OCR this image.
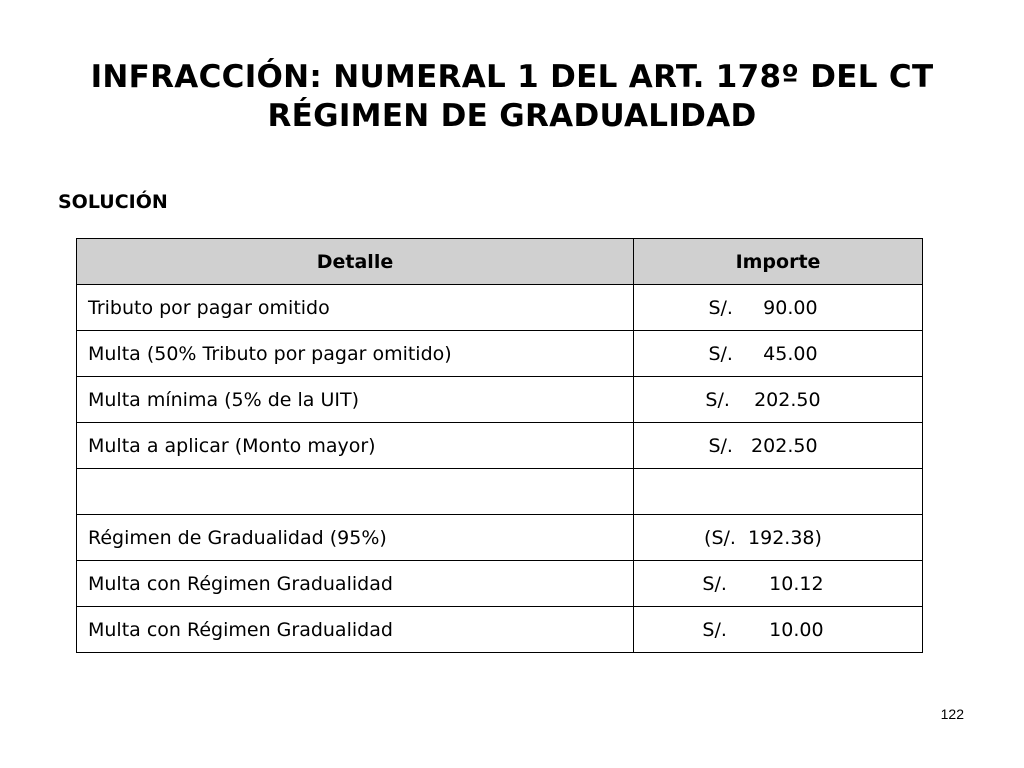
INFRACCIÓN: NUMERAL 1 DEL ART. 178º DEL CT
RÉGIMEN DE GRADUALIDAD
SOLUCIÓN
Detalle	Importe
Tributo por pagar omitido	S/.     90.00
Multa (50% Tributo por pagar omitido)	S/.     45.00
Multa mínima (5% de la UIT)	S/.    202.50
Multa a aplicar (Monto mayor)	S/.   202.50

Régimen de Gradualidad (95%)	(S/.  192.38)
Multa con Régimen Gradualidad	S/.       10.12
Multa con Régimen Gradualidad	S/.       10.00
122
